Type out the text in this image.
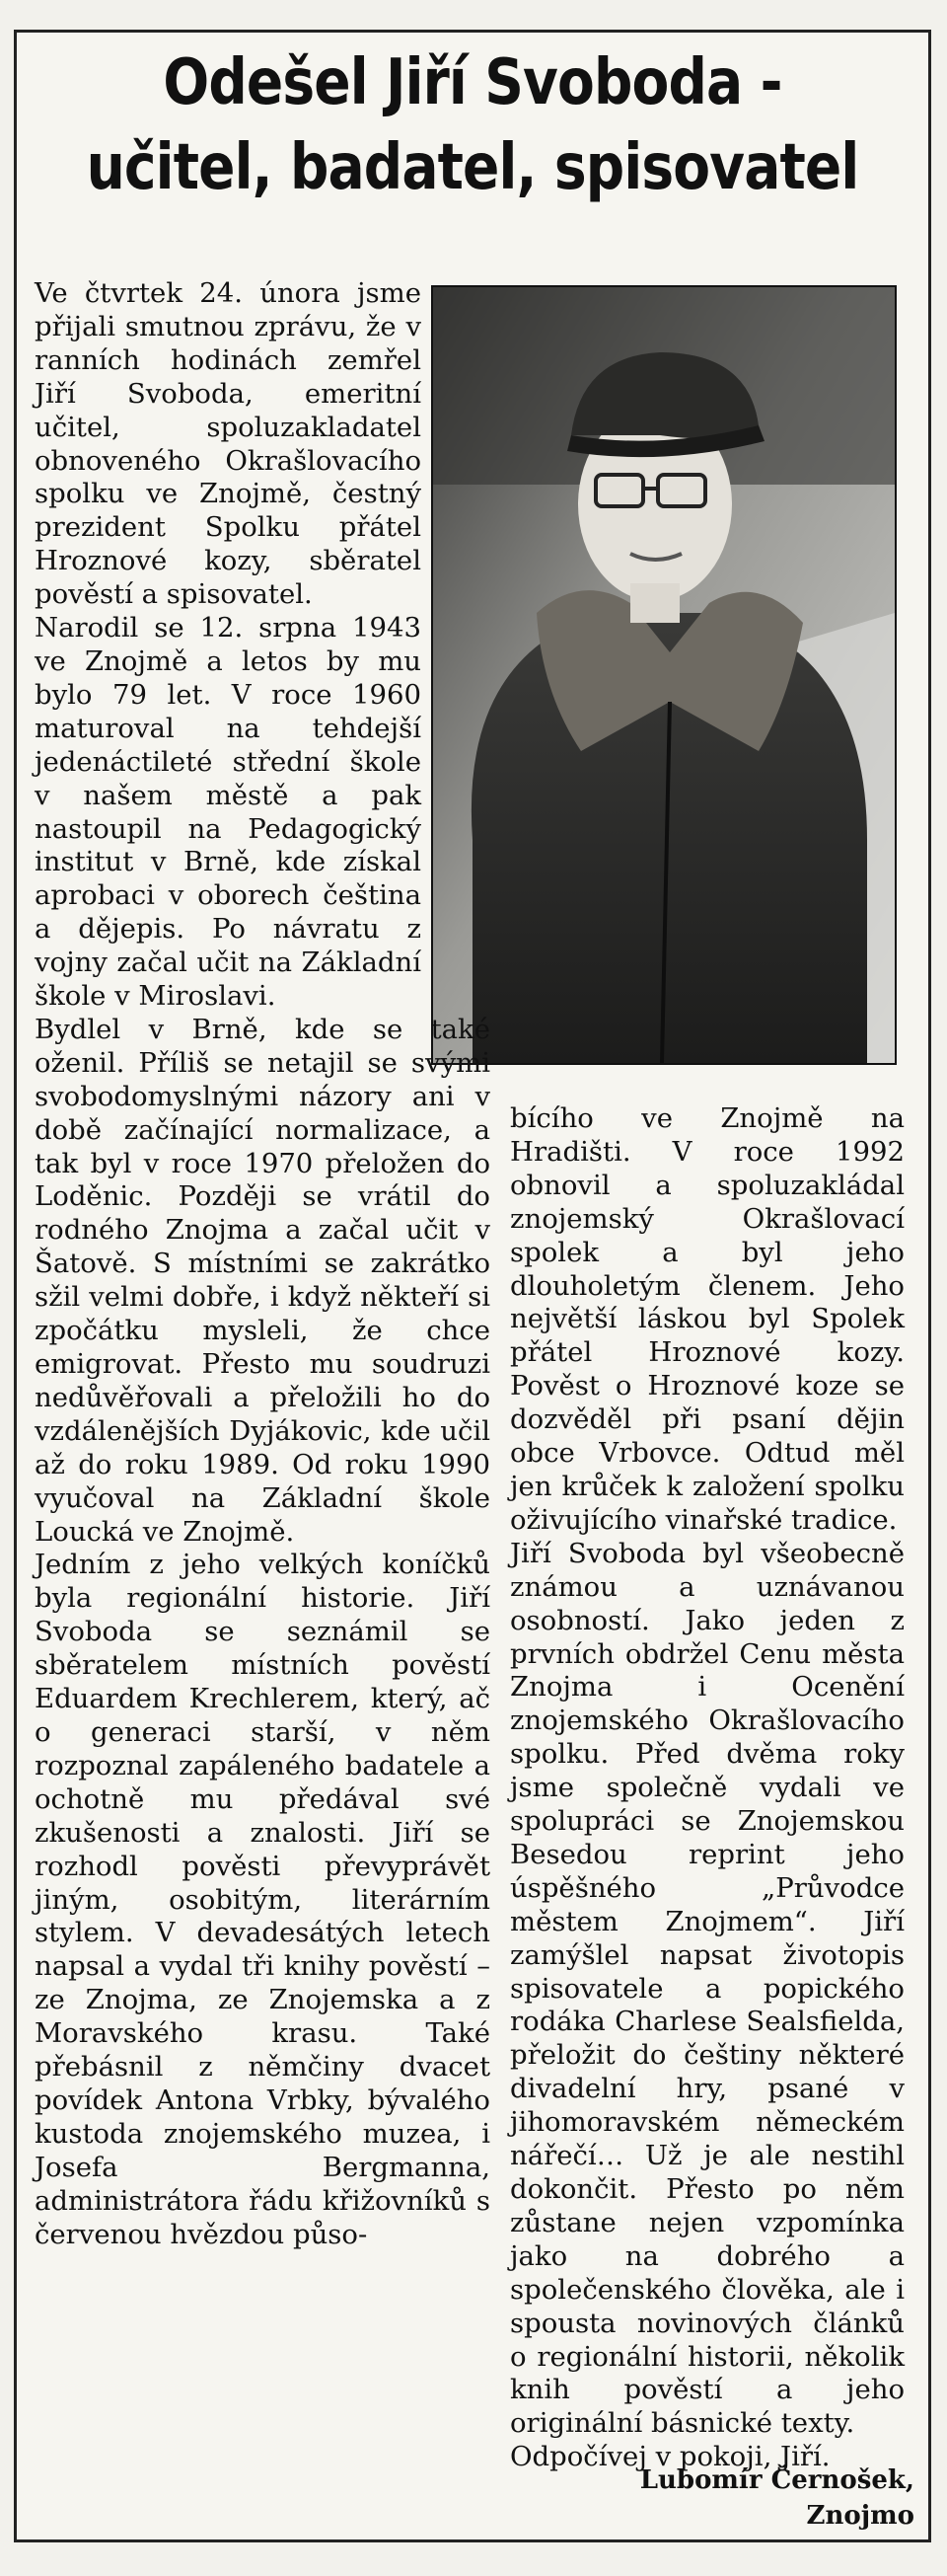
Odešel Jiří Svoboda -
učitel, badatel, spisovatel

Ve čtvrtek 24. února jsme přijali smutnou zprávu, že v ranních hodinách zemřel Jiří Svoboda, emeritní učitel, spoluzakladatel obnoveného Okrašlovacího spolku ve Znojmě, čestný prezident Spolku přátel Hroznové kozy, sběratel pověstí a spisovatel.

Narodil se 12. srpna 1943 ve Znojmě a letos by mu bylo 79 let. V roce 1960 maturoval na tehdejší jedenáctileté střední škole v našem městě a pak nastoupil na Pedagogický institut v Brně, kde získal aprobaci v oborech čeština a dějepis. Po návratu z vojny začal učit na Základní škole v Miroslavi.

Bydlel v Brně, kde se také oženil. Příliš se netajil se svými svobodomyslnými názory ani v době začínající normalizace, a tak byl v roce 1970 přeložen do Loděnic. Později se vrátil do rodného Znojma a začal učit v Šatově. S místními se zakrátko sžil velmi dobře, i když někteří si zpočátku mysleli, že chce emigrovat. Přesto mu soudruzi nedůvěřovali a přeložili ho do vzdálenějších Dyjákovic, kde učil až do roku 1989. Od roku 1990 vyučoval na Základní škole Loucká ve Znojmě.

Jedním z jeho velkých koníčků byla regionální historie. Jiří Svoboda se seznámil se sběratelem místních pověstí Eduardem Krechlerem, který, ač o generaci starší, v něm rozpoznal zapáleného badatele a ochotně mu předával své zkušenosti a znalosti. Jiří se rozhodl pověsti převyprávět jiným, osobitým, literárním stylem. V devadesátých letech napsal a vydal tři knihy pověstí – ze Znojma, ze Znojemska a z Moravského krasu. Také přebásnil z němčiny dvacet povídek Antona Vrbky, bývalého kustoda znojemského muzea, i Josefa Bergmanna, administrátora řádu křižovníků s červenou hvězdou půso-

bícího ve Znojmě na Hradišti. V roce 1992 obnovil a spoluzakládal znojemský Okrašlovací spolek a byl jeho dlouholetým členem. Jeho největší láskou byl Spolek přátel Hroznové kozy. Pověst o Hroznové koze se dozvěděl při psaní dějin obce Vrbovce. Odtud měl jen krůček k založení spolku oživujícího vinařské tradice.

Jiří Svoboda byl všeobecně známou a uznávanou osobností. Jako jeden z prvních obdržel Cenu města Znojma i Ocenění znojemského Okrašlovacího spolku. Před dvěma roky jsme společně vydali ve spolupráci se Znojemskou Besedou reprint jeho úspěšného „Průvodce městem Znojmem“. Jiří zamýšlel napsat životopis spisovatele a popického rodáka Charlese Sealsfielda, přeložit do češtiny některé divadelní hry, psané v jihomoravském německém nářečí… Už je ale nestihl dokončit. Přesto po něm zůstane nejen vzpomínka jako na dobrého a společenského člověka, ale i spousta novinových článků o regionální historii, několik knih pověstí a jeho originální básnické texty.

Odpočívej v pokoji, Jiří.

Lubomír Černošek,
Znojmo
